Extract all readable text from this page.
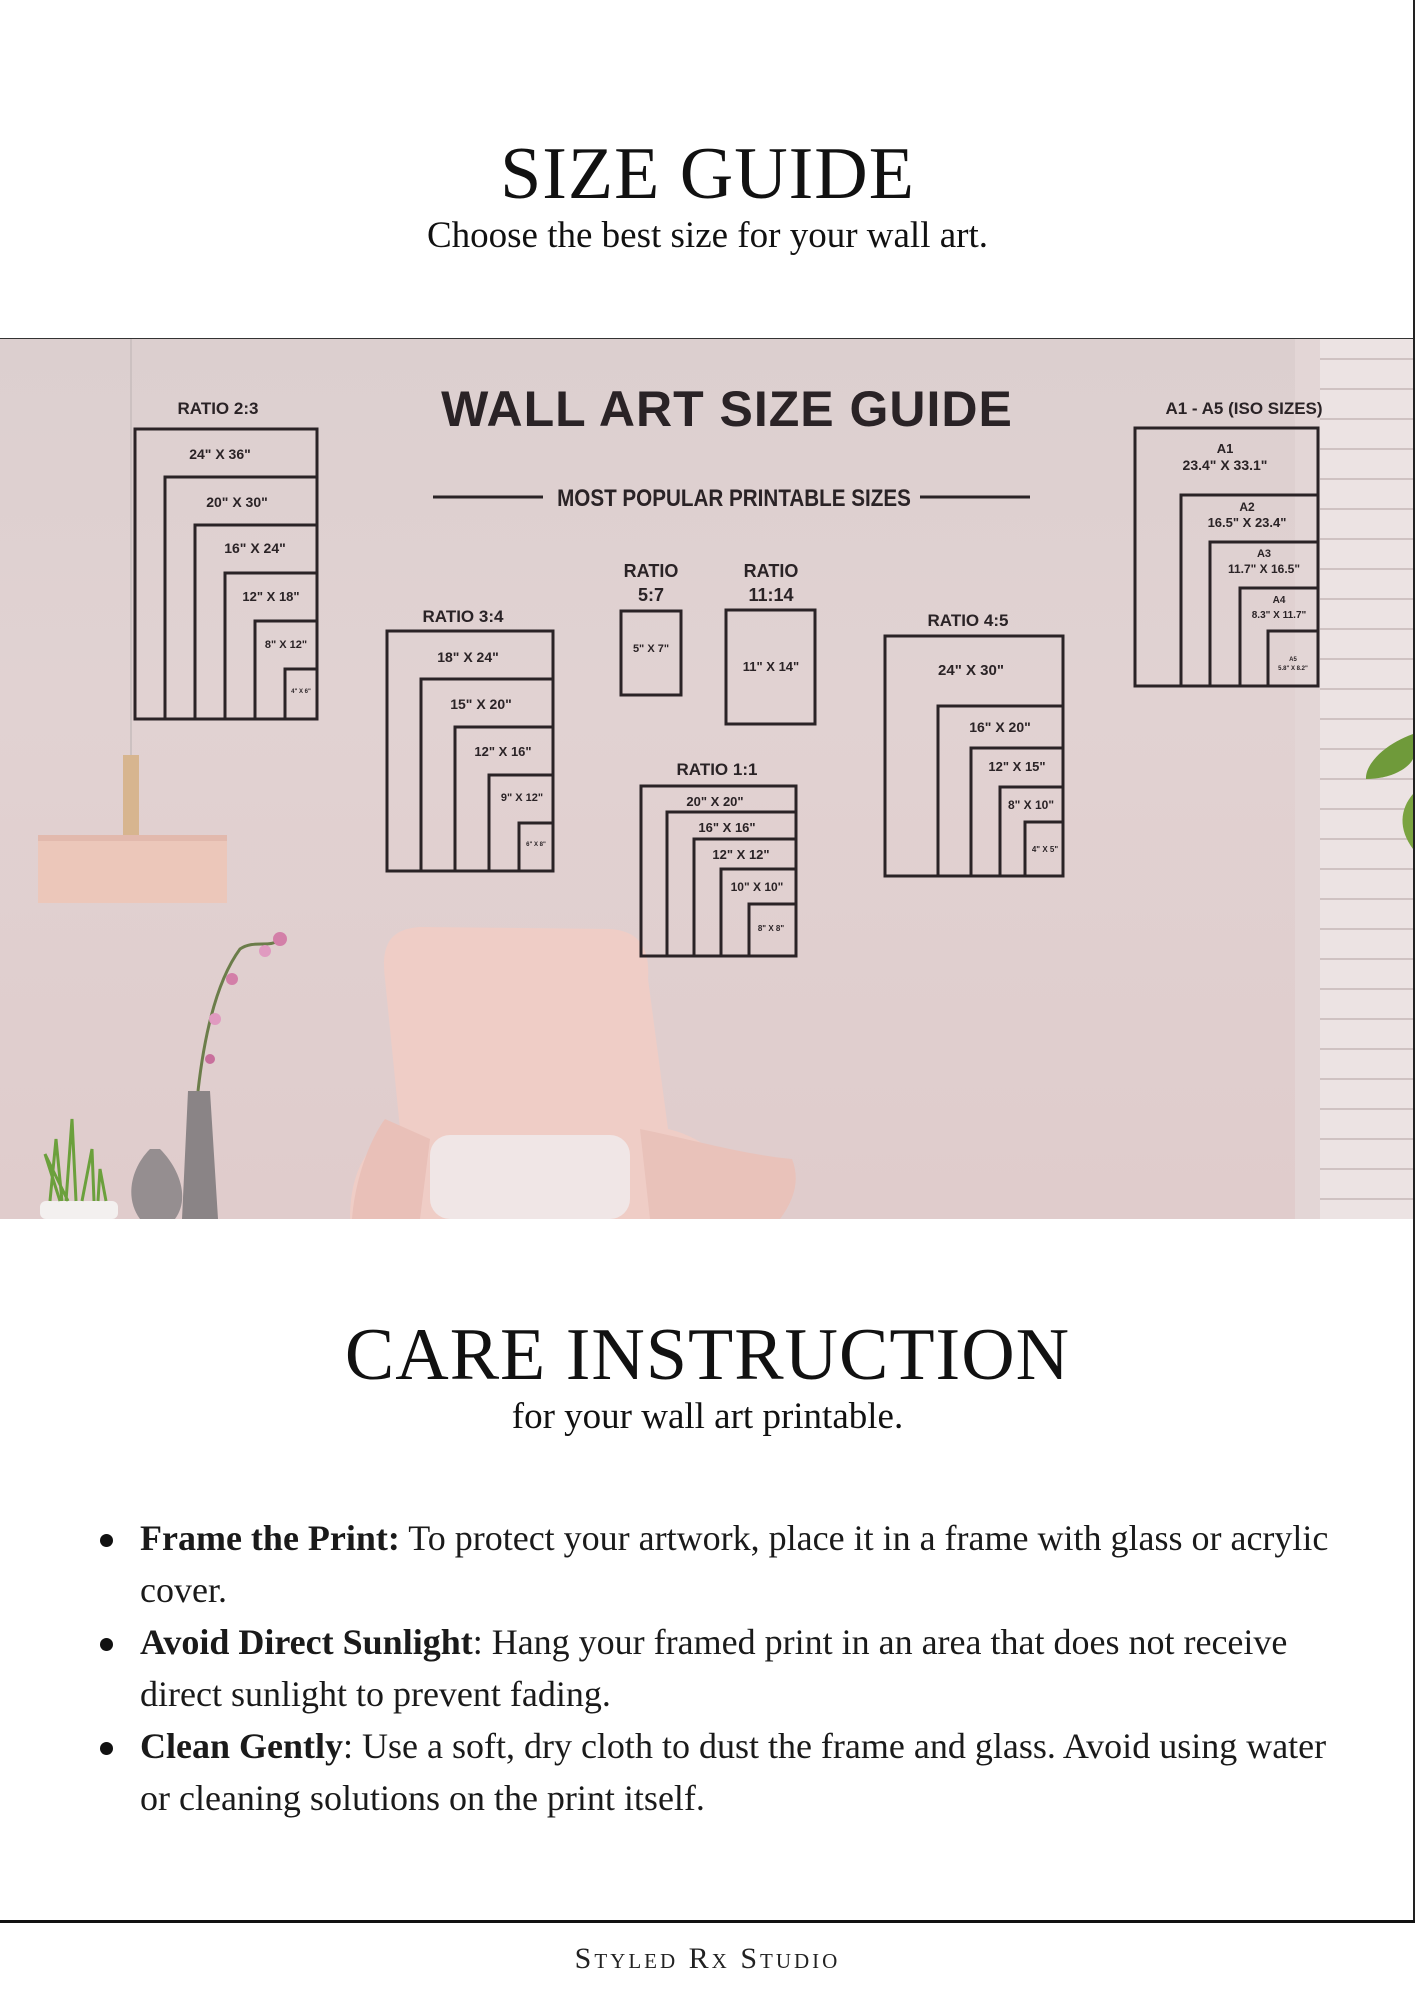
SIZE GUIDE
Choose the best size for your wall art.
WALL ART SIZE GUIDE
MOST POPULAR PRINTABLE SIZES
RATIO 2:3
24" X 36"
20" X 30"
16" X 24"
12" X 18"
8" X 12"
4" X 6"
RATIO 3:4
18" X 24"
15" X 20"
12" X 16"
9" X 12"
6" X 8"
RATIO
5:7
5" X 7"
RATIO
11:14
11" X 14"
RATIO 1:1
20" X 20"
16" X 16"
12" X 12"
10" X 10"
8" X 8"
RATIO 4:5
24" X 30"
16" X 20"
12" X 15"
8" X 10"
4" X 5"
A1 - A5 (ISO SIZES)
A1
23.4" X 33.1"
A2
16.5" X 23.4"
A3
11.7" X 16.5"
A4
8.3" X 11.7"
A5
5.8" X 8.2"
CARE INSTRUCTION
for your wall art printable.
Frame the Print: To protect your artwork, place it in a frame with glass or acrylic cover.
Avoid Direct Sunlight: Hang your framed print in an area that does not receive direct sunlight to prevent fading.
Clean Gently: Use a soft, dry cloth to dust the frame and glass. Avoid using water or cleaning solutions on the print itself.
Styled Rx Studio
